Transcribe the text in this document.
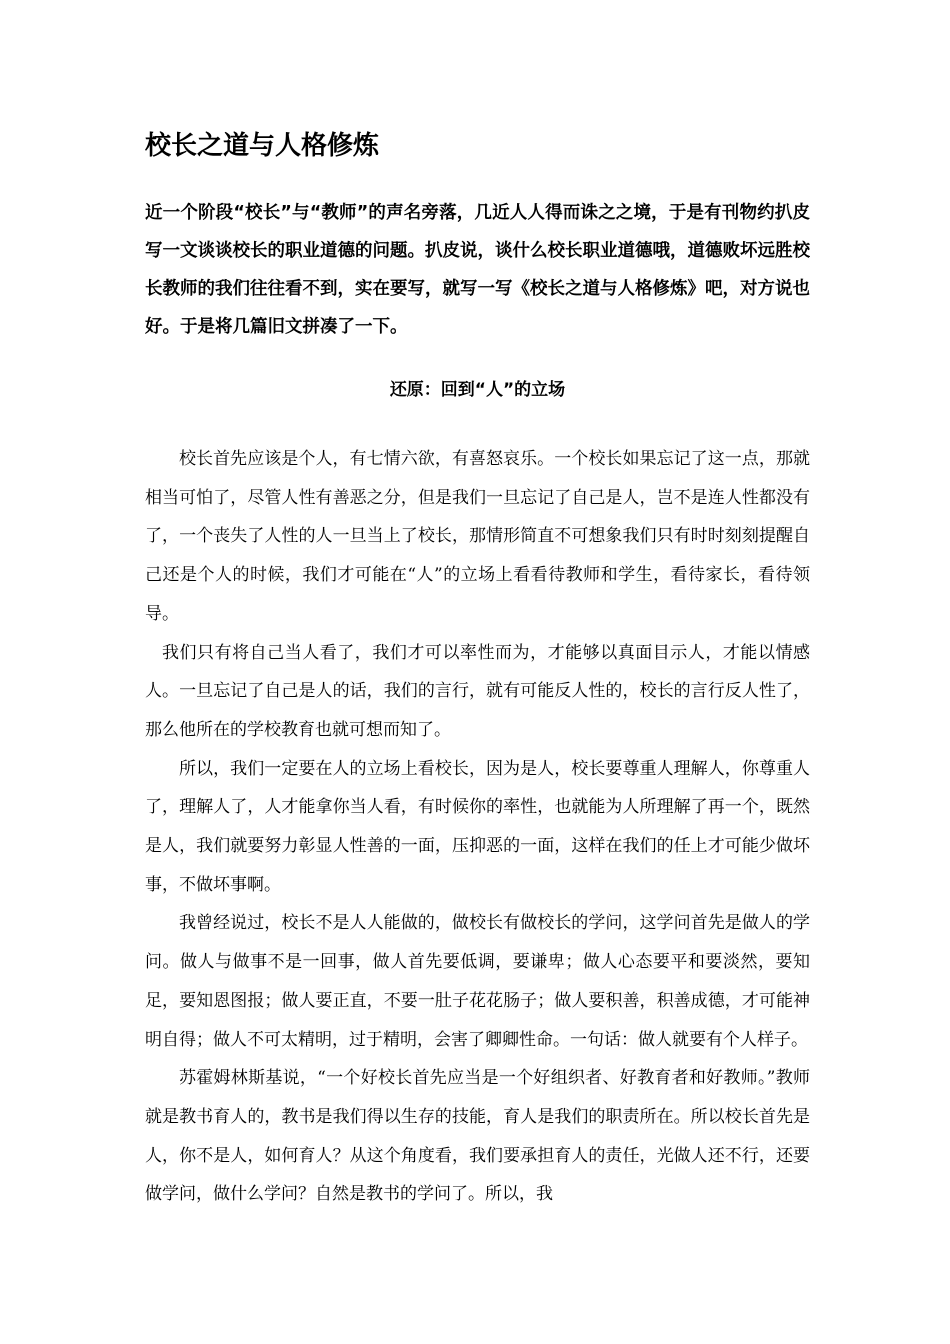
校长之道与人格修炼

近一个阶段“校长”与“教师”的声名旁落，几近人人得而诛之之境，于是有刊物约扒皮写一文谈谈校长的职业道德的问题。扒皮说，谈什么校长职业道德哦，道德败坏远胜校长教师的我们往往看不到，实在要写，就写一写《校长之道与人格修炼》吧，对方说也好。于是将几篇旧文拼凑了一下。

还原：回到“人”的立场

校长首先应该是个人，有七情六欲，有喜怒哀乐。一个校长如果忘记了这一点，那就相当可怕了，尽管人性有善恶之分，但是我们一旦忘记了自己是人，岂不是连人性都没有了，一个丧失了人性的人一旦当上了校长，那情形简直不可想象我们只有时时刻刻提醒自己还是个人的时候，我们才可能在“人”的立场上看看待教师和学生，看待家长，看待领导。

我们只有将自己当人看了，我们才可以率性而为，才能够以真面目示人，才能以情感人。一旦忘记了自己是人的话，我们的言行，就有可能反人性的，校长的言行反人性了，那么他所在的学校教育也就可想而知了。

所以，我们一定要在人的立场上看校长，因为是人，校长要尊重人理解人，你尊重人了，理解人了，人才能拿你当人看，有时候你的率性，也就能为人所理解了再一个，既然是人，我们就要努力彰显人性善的一面，压抑恶的一面，这样在我们的任上才可能少做坏事，不做坏事啊。

我曾经说过，校长不是人人能做的，做校长有做校长的学问，这学问首先是做人的学问。做人与做事不是一回事，做人首先要低调，要谦卑；做人心态要平和要淡然，要知足，要知恩图报；做人要正直，不要一肚子花花肠子；做人要积善，积善成德，才可能神明自得；做人不可太精明，过于精明，会害了卿卿性命。一句话：做人就要有个人样子。

苏霍姆林斯基说，“一个好校长首先应当是一个好组织者、好教育者和好教师。”教师就是教书育人的，教书是我们得以生存的技能，育人是我们的职责所在。所以校长首先是人，你不是人，如何育人？从这个角度看，我们要承担育人的责任，光做人还不行，还要做学问，做什么学问？自然是教书的学问了。所以，我
